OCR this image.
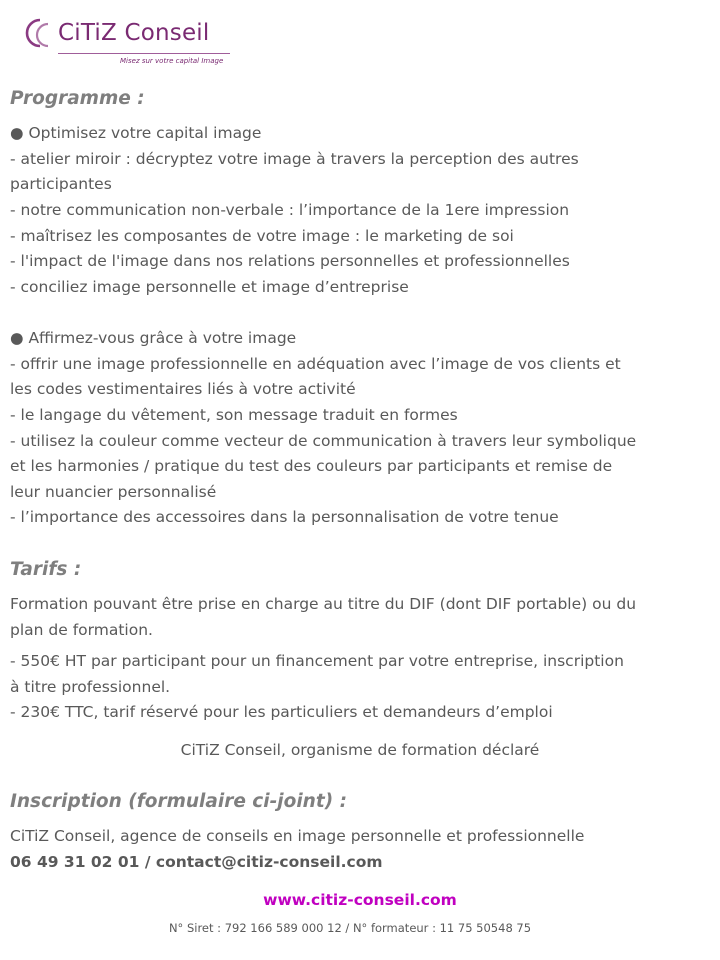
CiTiZ Conseil
Misez sur votre capital Image
Programme :
● Optimisez votre capital image
- atelier miroir : décryptez votre image à travers la perception des autres
participantes
- notre communication non-verbale : l’importance de la 1ere impression
- maîtrisez les composantes de votre image : le marketing de soi
- l'impact de l'image dans nos relations personnelles et professionnelles
- conciliez image personnelle et image d’entreprise
● Affirmez-vous grâce à votre image
- offrir une image professionnelle en adéquation avec l’image de vos clients et
les codes vestimentaires liés à votre activité
- le langage du vêtement, son message traduit en formes
- utilisez la couleur comme vecteur de communication à travers leur symbolique
et les harmonies / pratique du test des couleurs par participants et remise de
leur nuancier personnalisé
- l’importance des accessoires dans la personnalisation de votre tenue
Tarifs :
Formation pouvant être prise en charge au titre du DIF (dont DIF portable) ou du
plan de formation.
- 550€ HT par participant pour un financement par votre entreprise, inscription
à titre professionnel.
- 230€ TTC, tarif réservé pour les particuliers et demandeurs d’emploi
CiTiZ Conseil, organisme de formation déclaré
Inscription (formulaire ci-joint) :
CiTiZ Conseil, agence de conseils en image personnelle et professionnelle
06 49 31 02 01 / contact@citiz-conseil.com
www.citiz-conseil.com
N° Siret : 792 166 589 000 12 / N° formateur : 11 75 50548 75
